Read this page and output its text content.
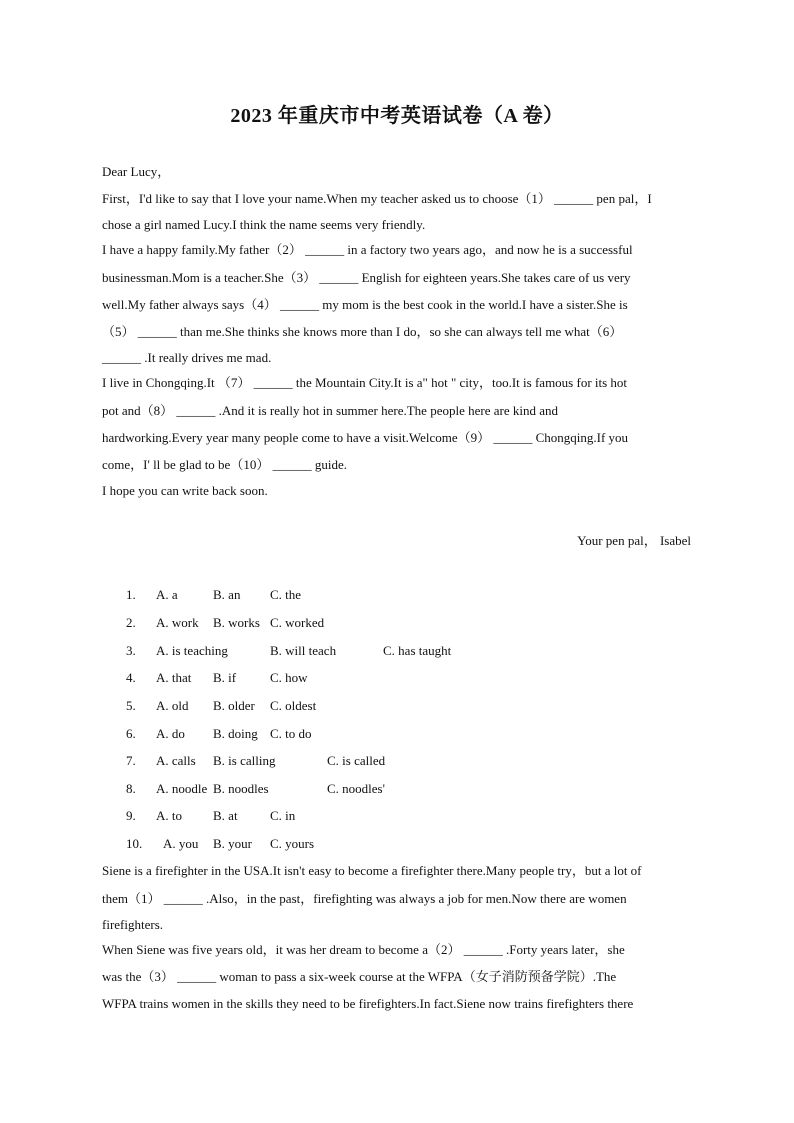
2023 年重庆市中考英语试卷（A 卷）
Dear Lucy，
First，I'd like to say that I love your name.When my teacher asked us to choose（1） ______ pen pal，I
chose a girl named Lucy.I think the name seems very friendly.
I have a happy family.My father（2） ______ in a factory two years ago，and now he is a successful
businessman.Mom is a teacher.She（3） ______ English for eighteen years.She takes care of us very
well.My father always says（4） ______ my mom is the best cook in the world.I have a sister.She is
（5） ______ than me.She thinks she knows more than I do，so she can always tell me what（6）
______ .It really drives me mad.
I live in Chongqing.It （7） ______ the Mountain City.It is a" hot " city，too.It is famous for its hot
pot and（8） ______ .And it is really hot in summer here.The people here are kind and
hardworking.Every year many people come to have a visit.Welcome（9） ______ Chongqing.If you
come，I' ll be glad to be（10） ______ guide.
I hope you can write back soon.
Your pen pal， Isabel
1. A. a	B. an C. the
2. A. work B. works C. worked
3. A. is teaching	B. will teach	C. has taught
4. A. that B. if	C. how
5. A. old B. older C. oldest
6. A. do B. doing C. to do
7. A. calls B. is calling	C. is called
8. A. noodle B. noodles	C. noodles'
9. A. to B. at C. in
10. A. you B. your C. yours
Siene is a firefighter in the USA.It isn't easy to become a firefighter there.Many people try，but a lot of
them（1） ______ .Also，in the past，firefighting was always a job for men.Now there are women
firefighters.
When Siene was five years old，it was her dream to become a（2） ______ .Forty years later，she
was the（3） ______ woman to pass a six-week course at the WFPA（女子消防预备学院）.The
WFPA trains women in the skills they need to be firefighters.In fact.Siene now trains firefighters there
